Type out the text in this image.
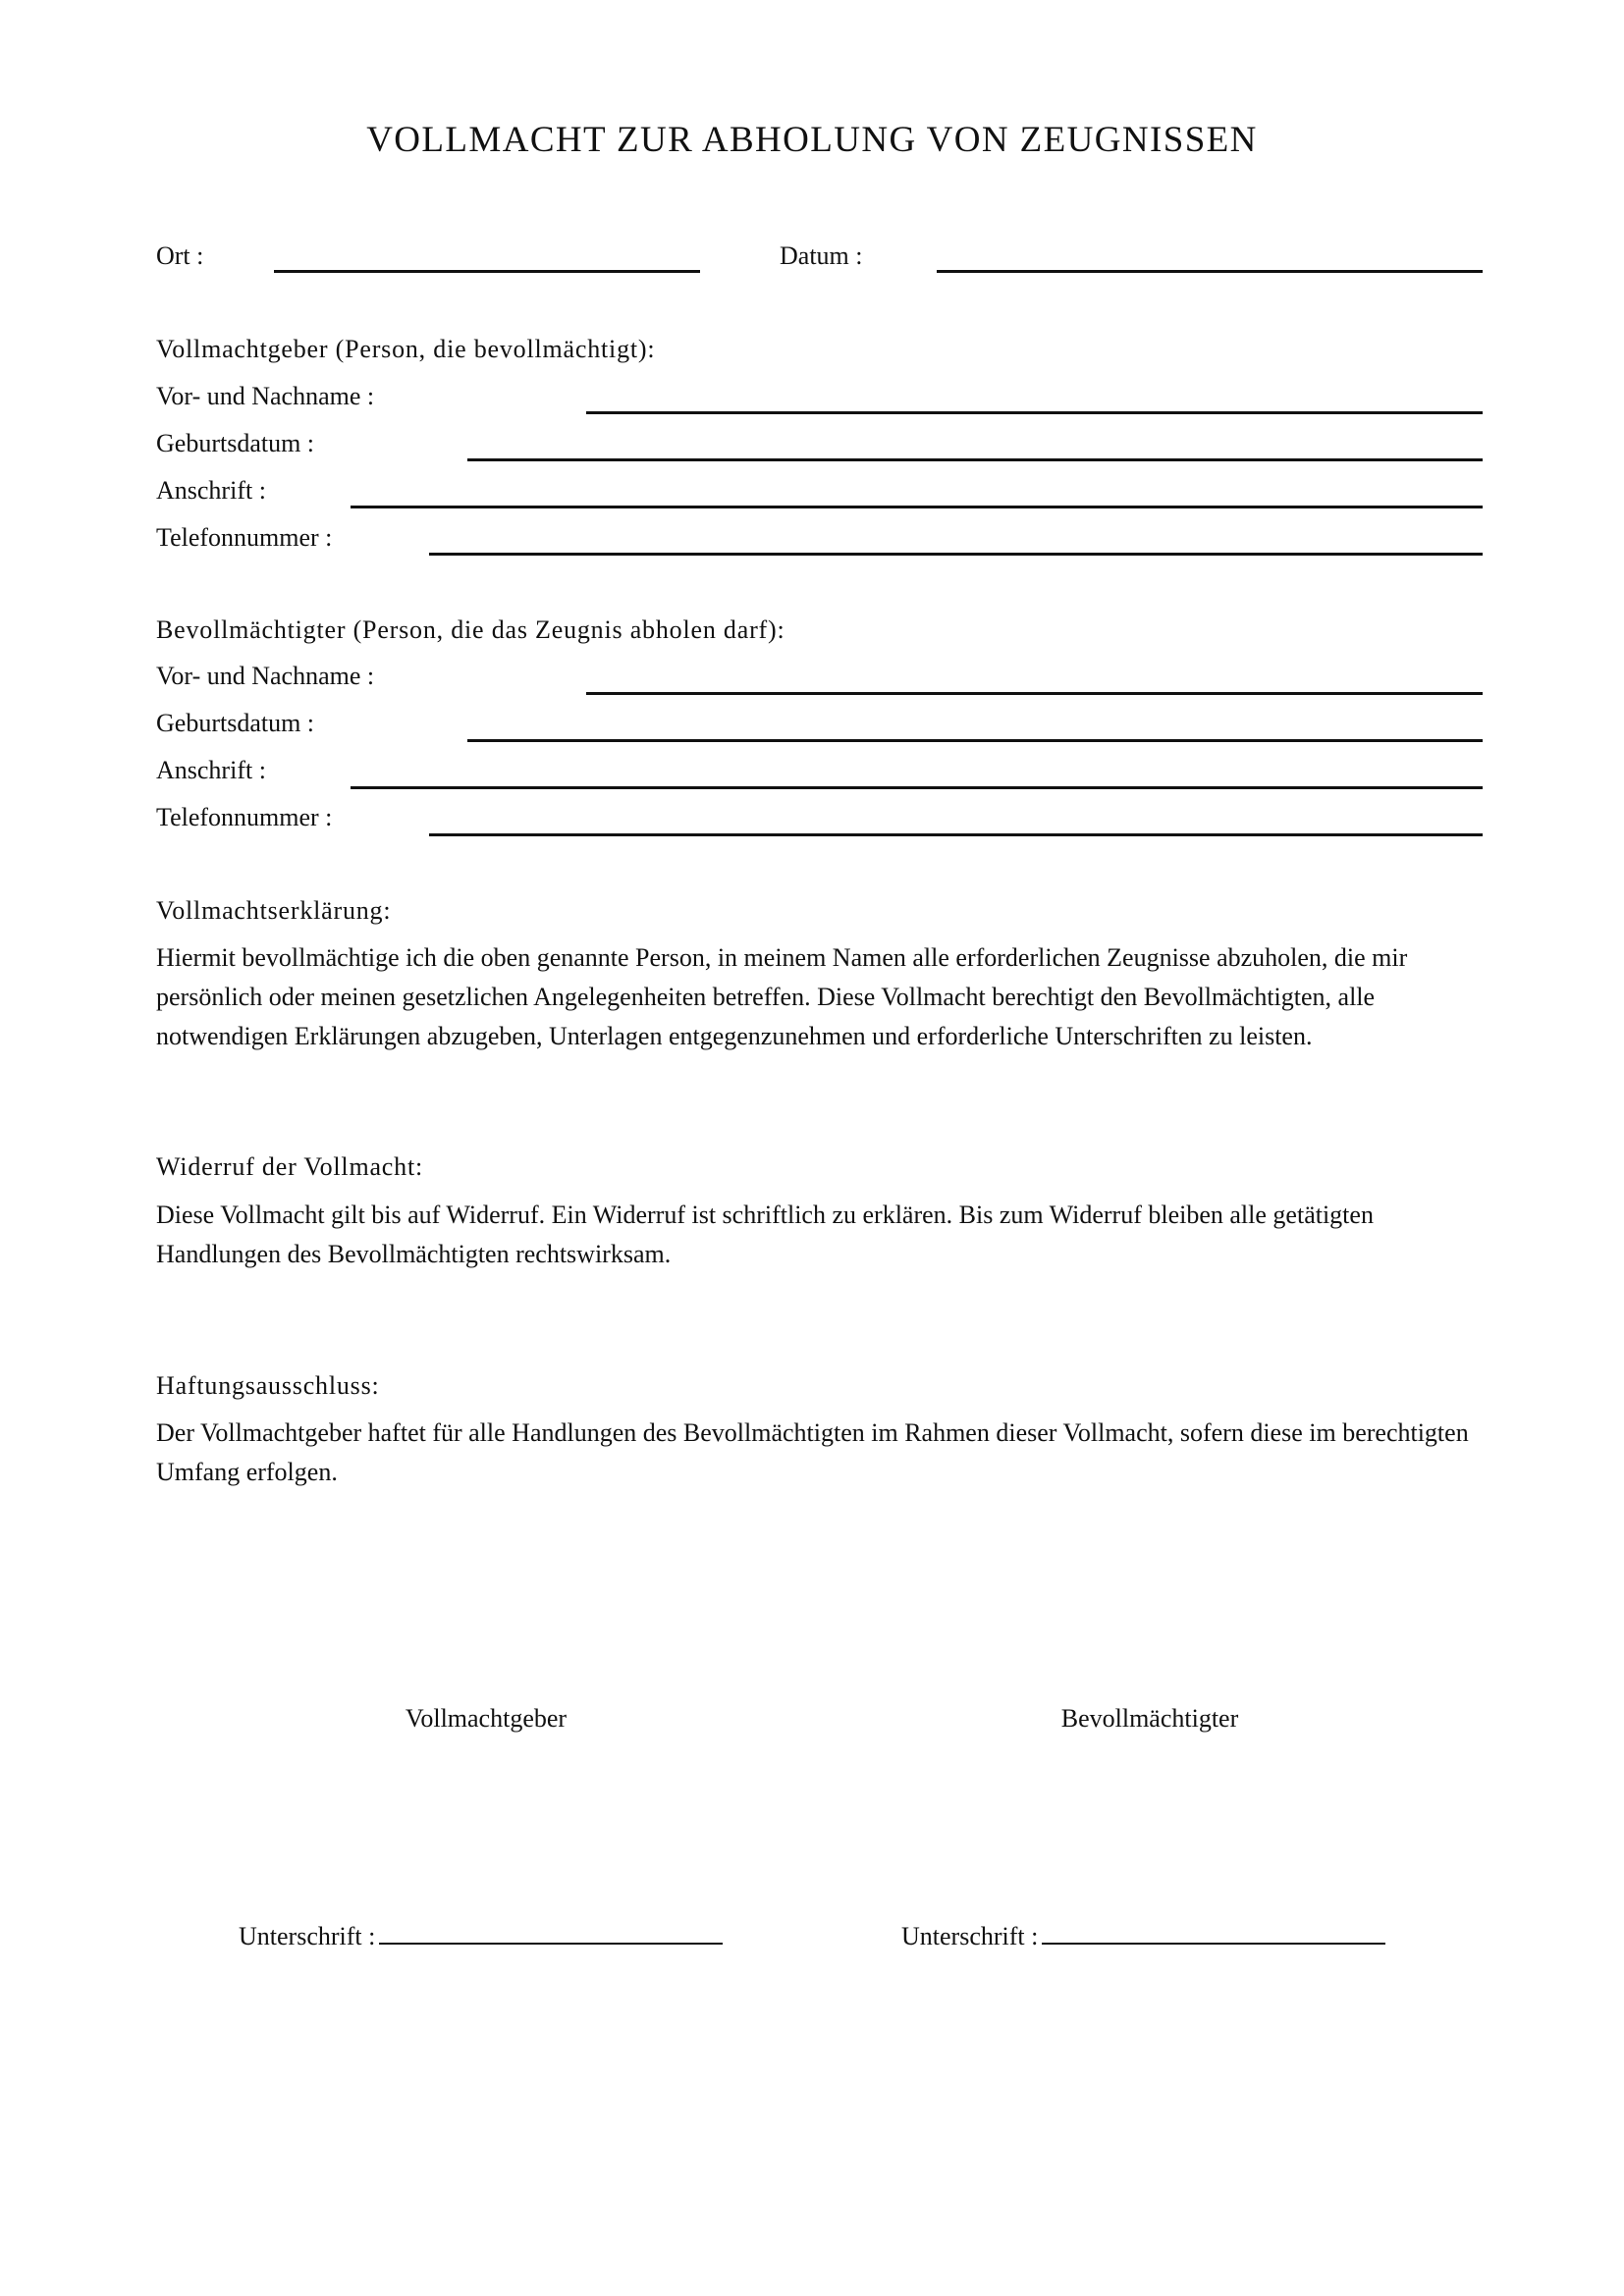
VOLLMACHT ZUR ABHOLUNG VON ZEUGNISSEN
Ort :	Datum :
Vollmachtgeber (Person, die bevollmächtigt):
Vor- und Nachname :
Geburtsdatum :
Anschrift :
Telefonnummer :
Bevollmächtigter (Person, die das Zeugnis abholen darf):
Vor- und Nachname :
Geburtsdatum :
Anschrift :
Telefonnummer :
Vollmachtserklärung:
Hiermit bevollmächtige ich die oben genannte Person, in meinem Namen alle erforderlichen Zeugnisse abzuholen, die mir persönlich oder meinen gesetzlichen Angelegenheiten betreffen. Diese Vollmacht berechtigt den Bevollmächtigten, alle notwendigen Erklärungen abzugeben, Unterlagen entgegenzunehmen und erforderliche Unterschriften zu leisten.
Widerruf der Vollmacht:
Diese Vollmacht gilt bis auf Widerruf. Ein Widerruf ist schriftlich zu erklären. Bis zum Widerruf bleiben alle getätigten Handlungen des Bevollmächtigten rechtswirksam.
Haftungsausschluss:
Der Vollmachtgeber haftet für alle Handlungen des Bevollmächtigten im Rahmen dieser Vollmacht, sofern diese im berechtigten Umfang erfolgen.
Vollmachtgeber	Bevollmächtigter
Unterschrift :	Unterschrift :
